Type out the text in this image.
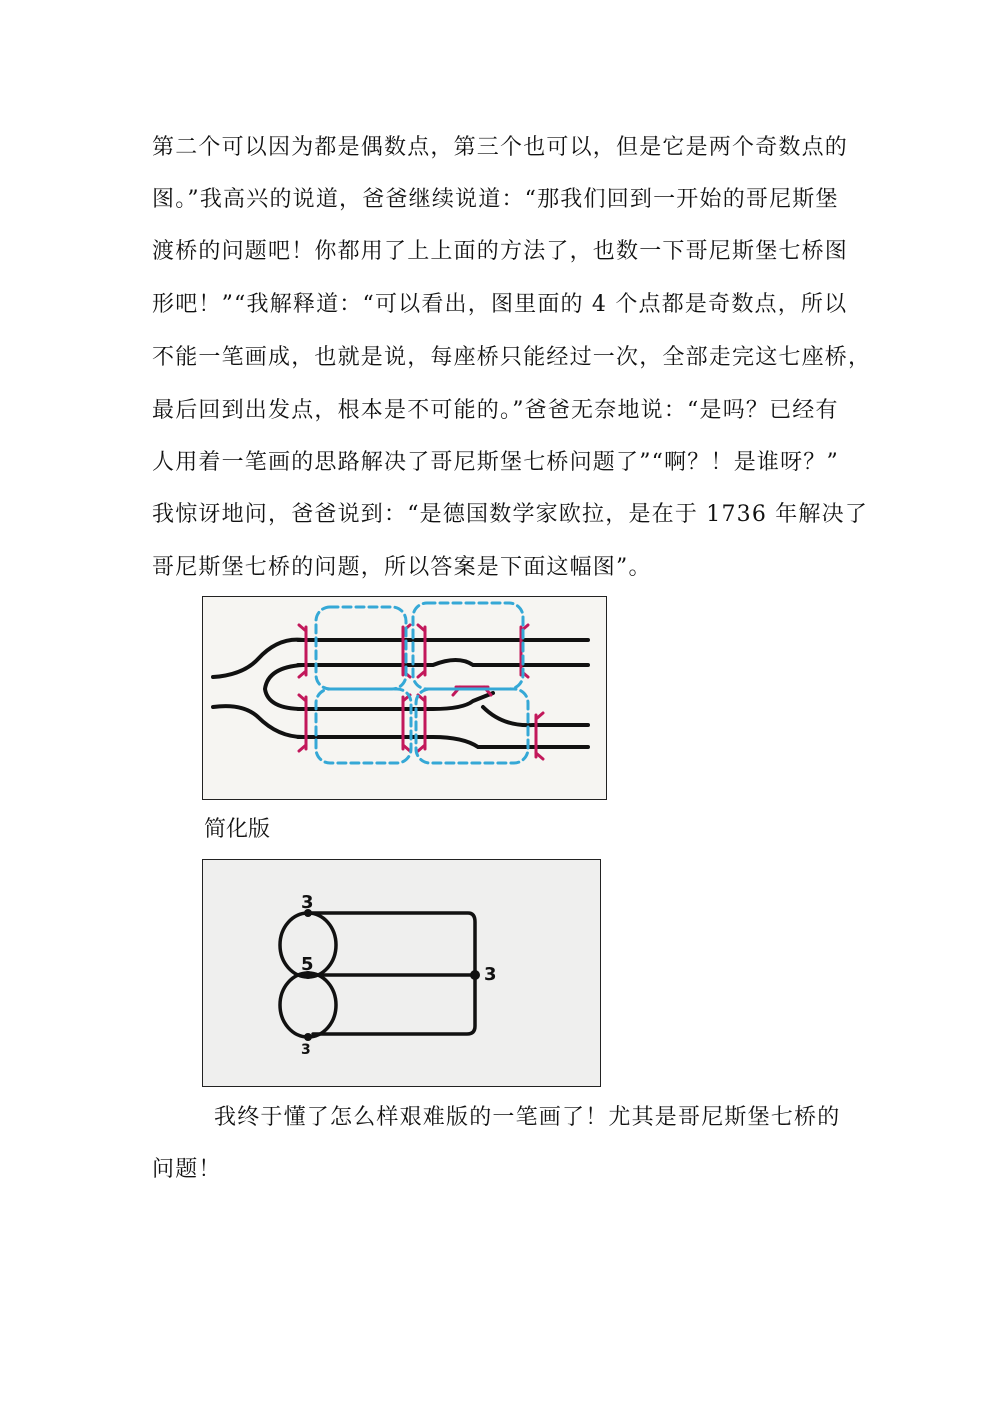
第二个可以因为都是偶数点，第三个也可以，但是它是两个奇数点的
图。”我高兴的说道，爸爸继续说道：“那我们回到一开始的哥尼斯堡
渡桥的问题吧！你都用了上上面的方法了，也数一下哥尼斯堡七桥图
形吧！”“我解释道：“可以看出，图里面的 4 个点都是奇数点，所以
不能一笔画成，也就是说，每座桥只能经过一次，全部走完这七座桥，
最后回到出发点，根本是不可能的。”爸爸无奈地说：“是吗？已经有
人用着一笔画的思路解决了哥尼斯堡七桥问题了”“啊？！是谁呀？”
我惊讶地问，爸爸说到：“是德国数学家欧拉，是在于 1736 年解决了
哥尼斯堡七桥的问题，所以答案是下面这幅图”。
简化版
3
5	3
3
我终于懂了怎么样艰难版的一笔画了！尤其是哥尼斯堡七桥的
问题！
